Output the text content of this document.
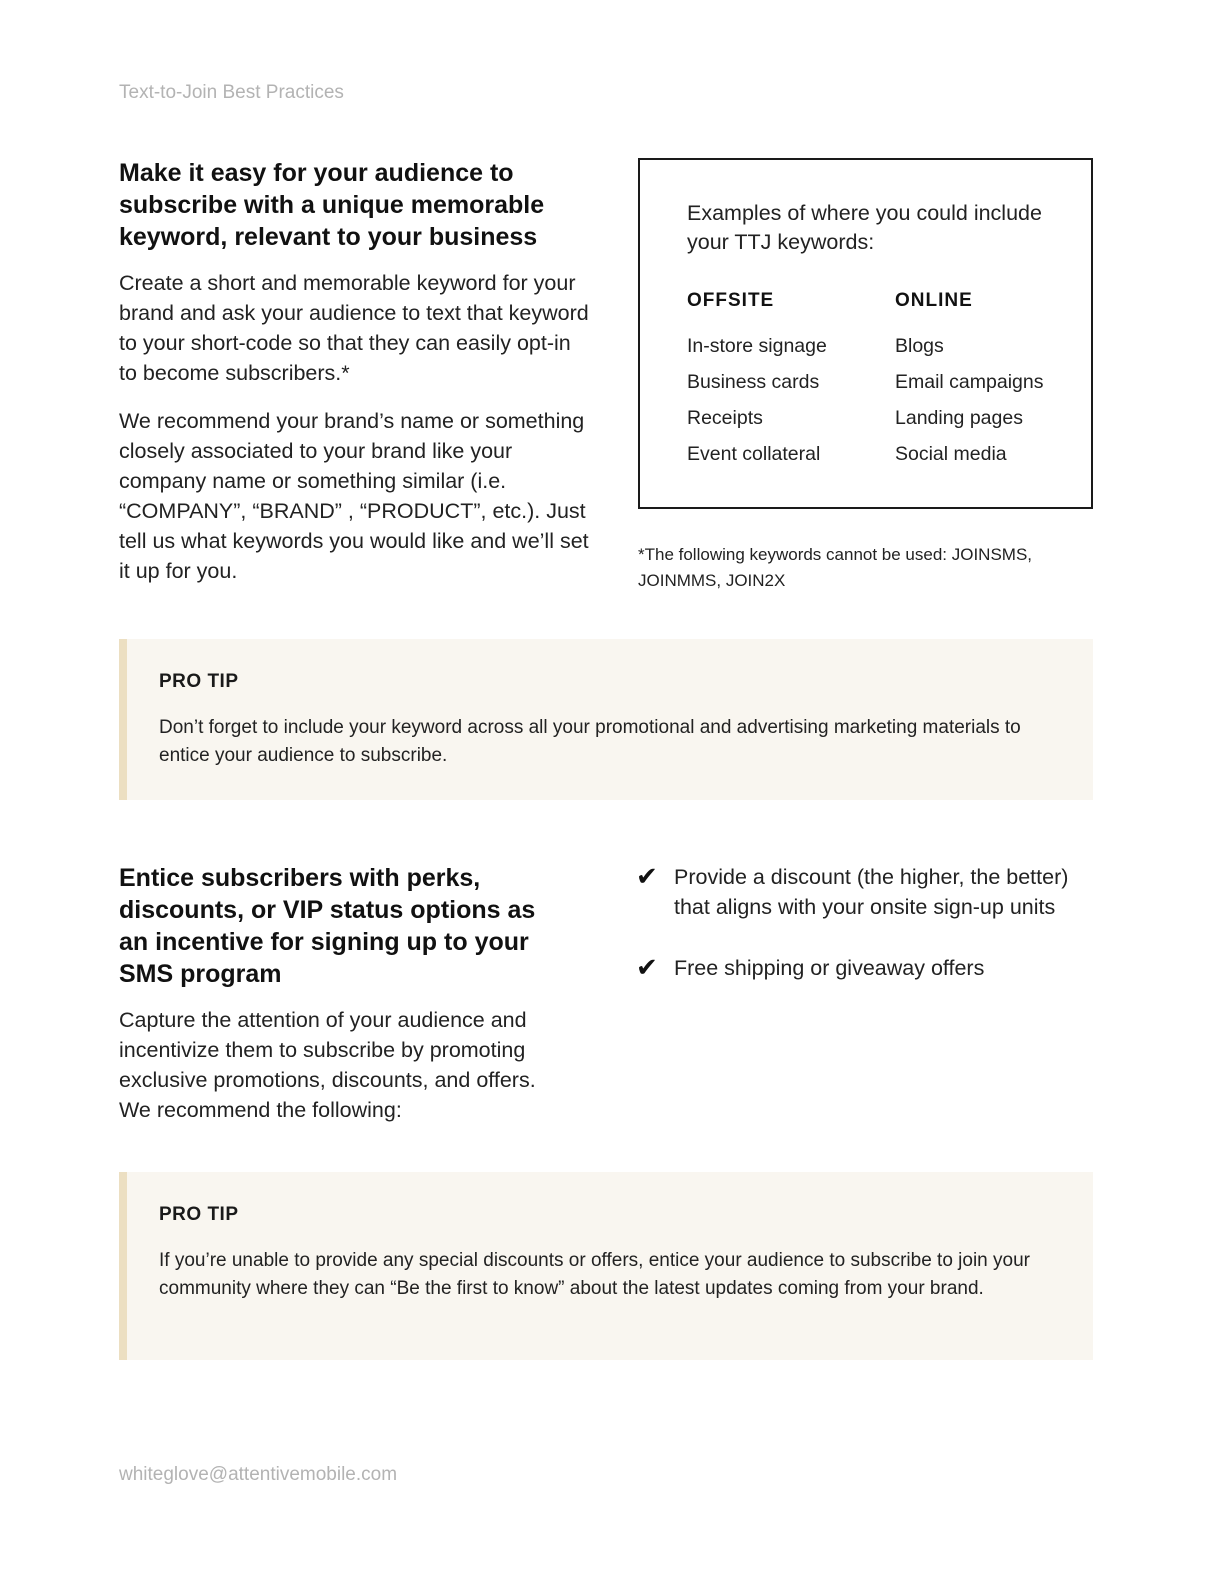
Text-to-Join Best Practices
Make it easy for your audience to subscribe with a unique memorable keyword, relevant to your business

Create a short and memorable keyword for your brand and ask your audience to text that keyword to your short-code so that they can easily opt-in to become subscribers.*

We recommend your brand’s name or something closely associated to your brand like your company name or something similar (i.e. “COMPANY”, “BRAND” , “PRODUCT”, etc.). Just tell us what keywords you would like and we’ll set it up for you.

Examples of where you could include your TTJ keywords:
OFFSITE
In-store signage
Business cards
Receipts
Event collateral
ONLINE
Blogs
Email campaigns
Landing pages
Social media
*The following keywords cannot be used: JOINSMS, JOINMMS, JOIN2X
PRO TIP
Don’t forget to include your keyword across all your promotional and advertising marketing materials to entice your audience to subscribe.
Entice subscribers with perks, discounts, or VIP status options as an incentive for signing up to your SMS program

Capture the attention of your audience and incentivize them to subscribe by promoting exclusive promotions, discounts, and offers. We recommend the following:

✔ Provide a discount (the higher, the better) that aligns with your onsite sign-up units
✔ Free shipping or giveaway offers
PRO TIP
If you’re unable to provide any special discounts or offers, entice your audience to subscribe to join your community where they can “Be the first to know” about the latest updates coming from your brand.
whiteglove@attentivemobile.com
